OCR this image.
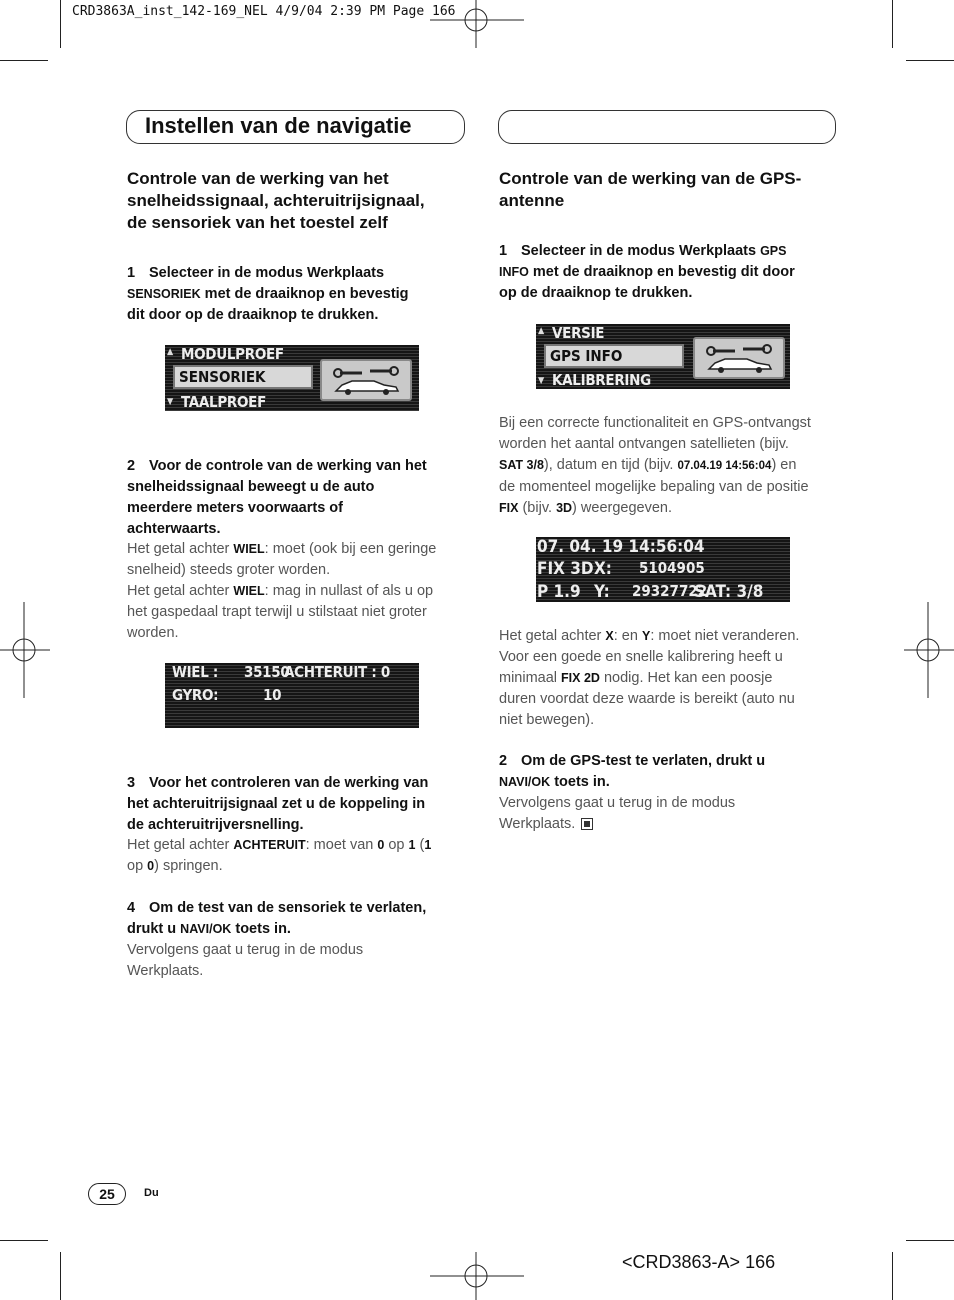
CRD3863A_inst_142-169_NEL 4/9/04 2:39 PM Page 166
Instellen van de navigatie
Controle van de werking van het
snelheidssignaal, achteruitrijsignaal,
de sensoriek van het toestel zelf
1 Selecteer in de modus Werkplaats
SENSORIEK met de draaiknop en bevestig
dit door op de draaiknop te drukken.
▲ MODULPROEF
SENSORIEK
▼ TAALPROEF
2 Voor de controle van de werking van het
snelheidssignaal beweegt u de auto
meerdere meters voorwaarts of
achterwaarts.
Het getal achter WIEL: moet (ook bij een geringe
snelheid) steeds groter worden.
Het getal achter WIEL: mag in nullast of als u op
het gaspedaal trapt terwijl u stilstaat niet groter
worden.
WIEL : 35150
ACHTERUIT : 0
GYRO:	10
3 Voor het controleren van de werking van
het achteruitrijsignaal zet u de koppeling in
de achteruitrijversnelling.
Het getal achter ACHTERUIT: moet van 0 op 1 (1
op 0) springen.
4 Om de test van de sensoriek te verlaten,
drukt u NAVI/OK toets in.
Vervolgens gaat u terug in de modus
Werkplaats.
Controle van de werking van de GPS-
antenne
1 Selecteer in de modus Werkplaats GPS
INFO met de draaiknop en bevestig dit door
op de draaiknop te drukken.
▲ VERSIE
GPS INFO
▼ KALIBRERING
Bij een correcte functionaliteit en GPS-ontvangst
worden het aantal ontvangen satellieten (bijv.
SAT 3/8), datum en tijd (bijv. 07.04.19 14:56:04) en
de momenteel mogelijke bepaling van de positie
FIX (bijv. 3D) weergegeven.
07. 04. 19 14:56:04
FIX 3D X: 5104905
P 1.9 Y: 29327722
SAT: 3/8
Het getal achter X: en Y: moet niet veranderen.
Voor een goede en snelle kalibrering heeft u
minimaal FIX 2D nodig. Het kan een poosje
duren voordat deze waarde is bereikt (auto nu
niet bewegen).
2 Om de GPS-test te verlaten, drukt u
NAVI/OK toets in.
Vervolgens gaat u terug in de modus
Werkplaats.
25	Du
<CRD3863-A> 166
